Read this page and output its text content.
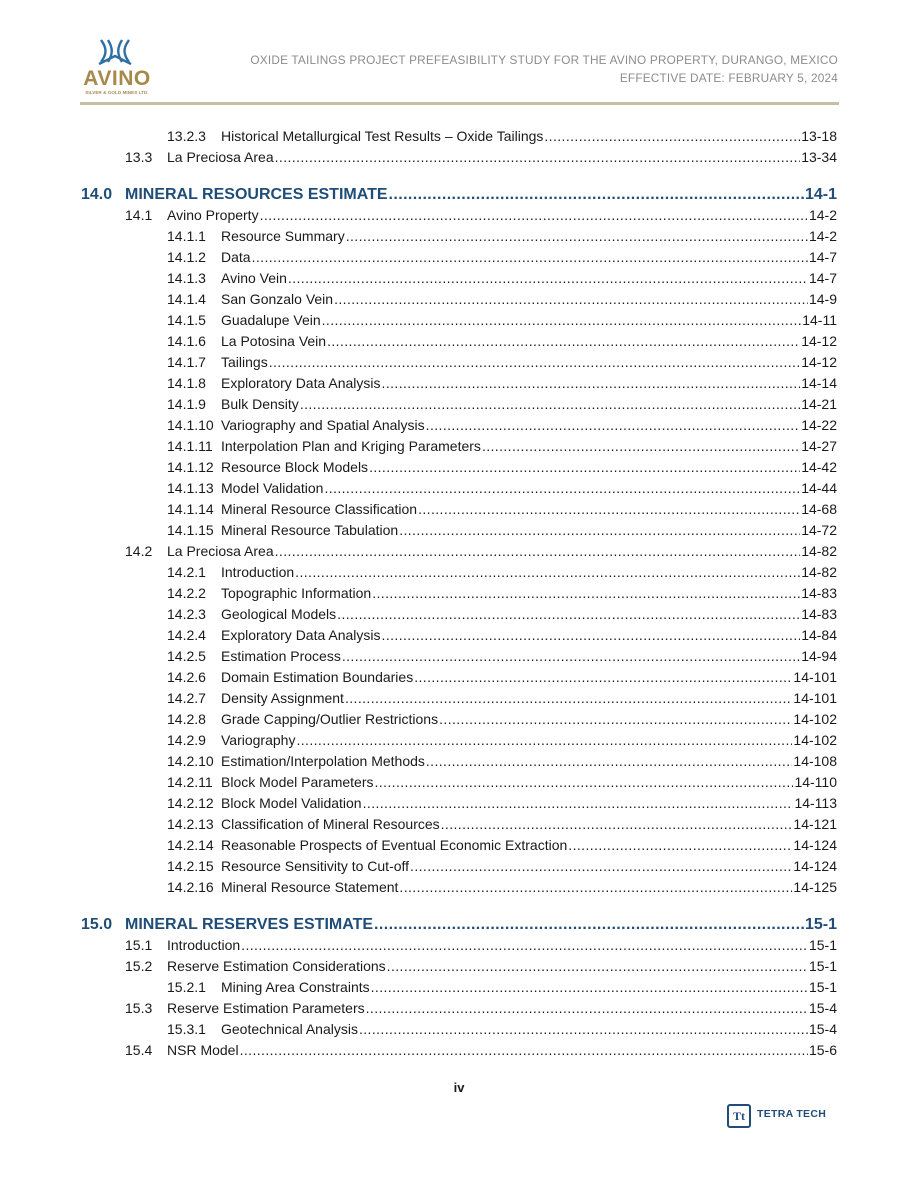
AVINO
SILVER & GOLD MINES LTD.
OXIDE TAILINGS PROJECT PREFEASIBILITY STUDY FOR THE AVINO PROPERTY, DURANGO, MEXICO
EFFECTIVE DATE: FEBRUARY 5, 2024
13.2.3 Historical Metallurgical Test Results – Oxide Tailings .....	13-18
13.3 La Preciosa Area .....	13-34
14.0 MINERAL RESOURCES ESTIMATE .....	14-1
14.1 Avino Property .....	14-2
14.1.1 Resource Summary .....	14-2
14.1.2 Data .....	14-7
14.1.3 Avino Vein .....	14-7
14.1.4 San Gonzalo Vein .....	14-9
14.1.5 Guadalupe Vein .....	14-11
14.1.6 La Potosina Vein .....	14-12
14.1.7 Tailings .....	14-12
14.1.8 Exploratory Data Analysis .....	14-14
14.1.9 Bulk Density .....	14-21
14.1.10 Variography and Spatial Analysis .....	14-22
14.1.11 Interpolation Plan and Kriging Parameters .....	14-27
14.1.12 Resource Block Models .....	14-42
14.1.13 Model Validation .....	14-44
14.1.14 Mineral Resource Classification .....	14-68
14.1.15 Mineral Resource Tabulation .....	14-72
14.2 La Preciosa Area .....	14-82
14.2.1 Introduction .....	14-82
14.2.2 Topographic Information .....	14-83
14.2.3 Geological Models .....	14-83
14.2.4 Exploratory Data Analysis .....	14-84
14.2.5 Estimation Process .....	14-94
14.2.6 Domain Estimation Boundaries .....	14-101
14.2.7 Density Assignment .....	14-101
14.2.8 Grade Capping/Outlier Restrictions .....	14-102
14.2.9 Variography .....	14-102
14.2.10 Estimation/Interpolation Methods .....	14-108
14.2.11 Block Model Parameters .....	14-110
14.2.12 Block Model Validation .....	14-113
14.2.13 Classification of Mineral Resources .....	14-121
14.2.14 Reasonable Prospects of Eventual Economic Extraction .....	14-124
14.2.15 Resource Sensitivity to Cut-off .....	14-124
14.2.16 Mineral Resource Statement .....	14-125
15.0 MINERAL RESERVES ESTIMATE .....	15-1
15.1 Introduction .....	15-1
15.2 Reserve Estimation Considerations .....	15-1
15.2.1 Mining Area Constraints .....	15-1
15.3 Reserve Estimation Parameters .....	15-4
15.3.1 Geotechnical Analysis .....	15-4
15.4 NSR Model .....	15-6
iv
Tt	TETRA TECH
